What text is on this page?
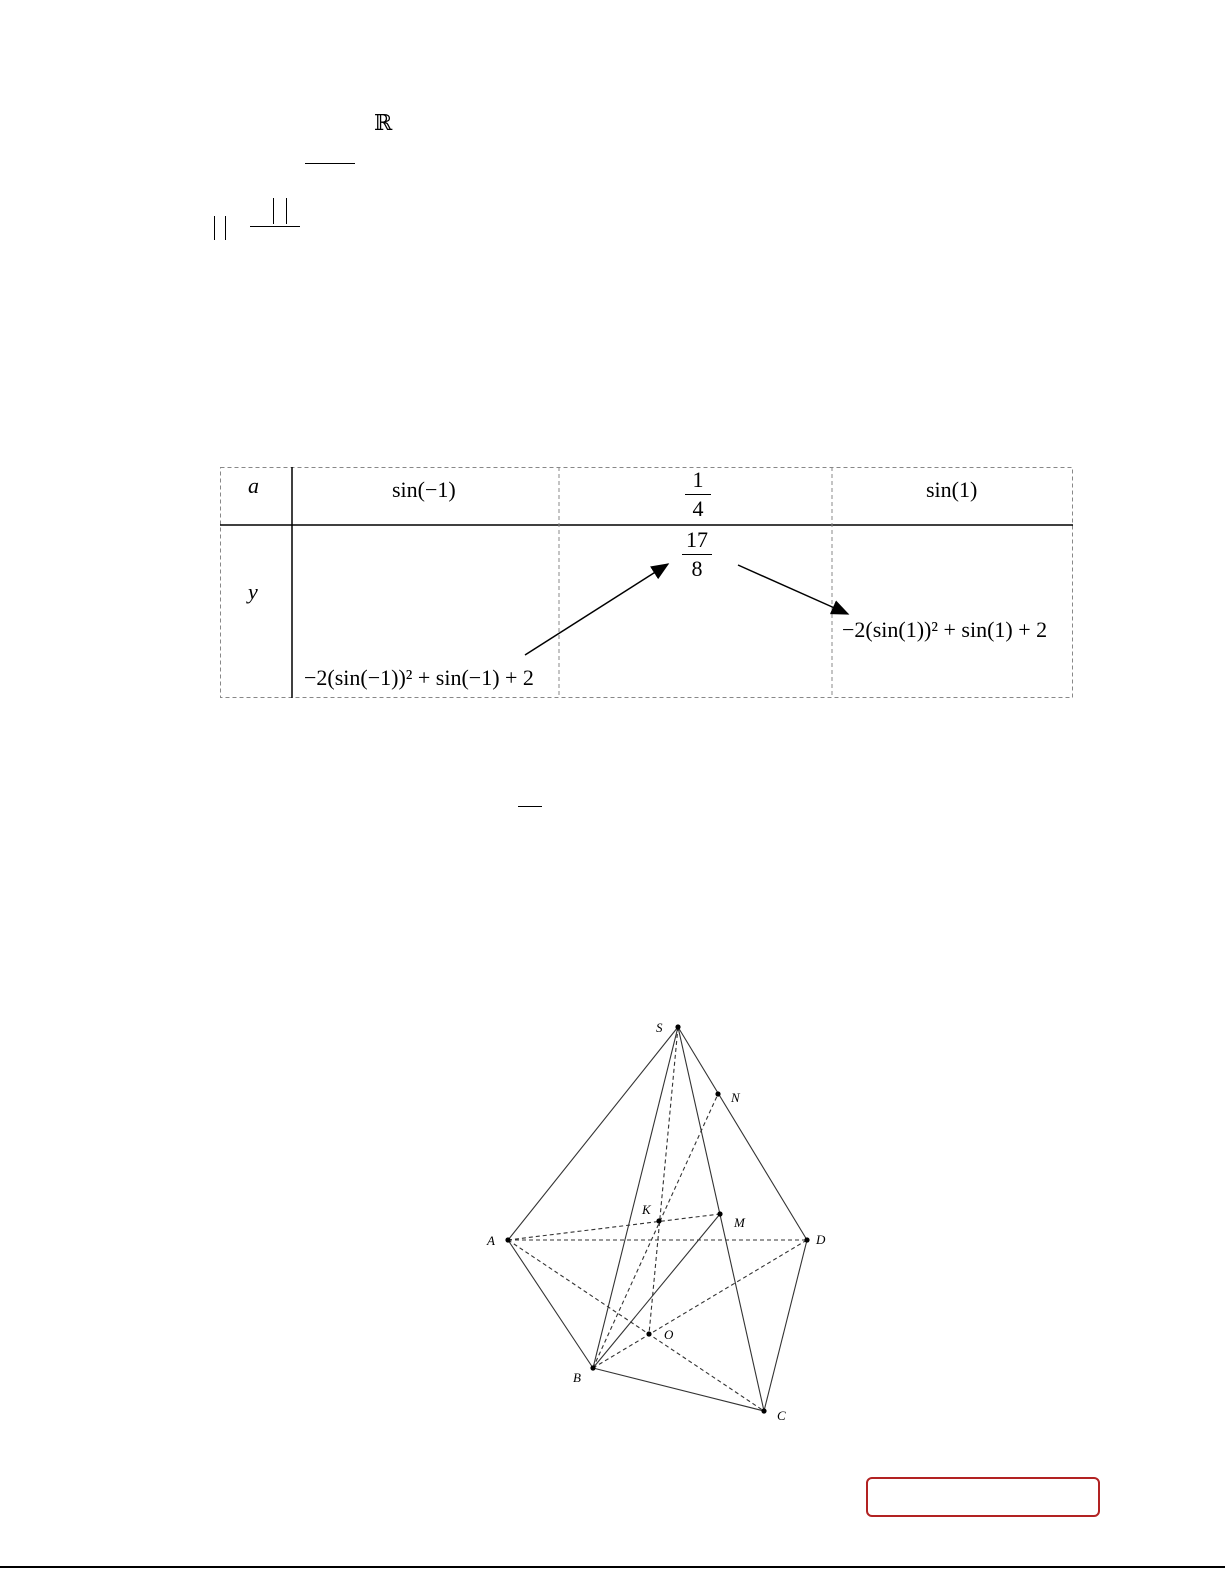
ℝ
a
y
sin(−1)	1
4
sin(1)
17
8
−2(sin(−1))² + sin(−1) + 2
−2(sin(1))² + sin(1) + 2
S
N
K
M
A	D
O
B
C
